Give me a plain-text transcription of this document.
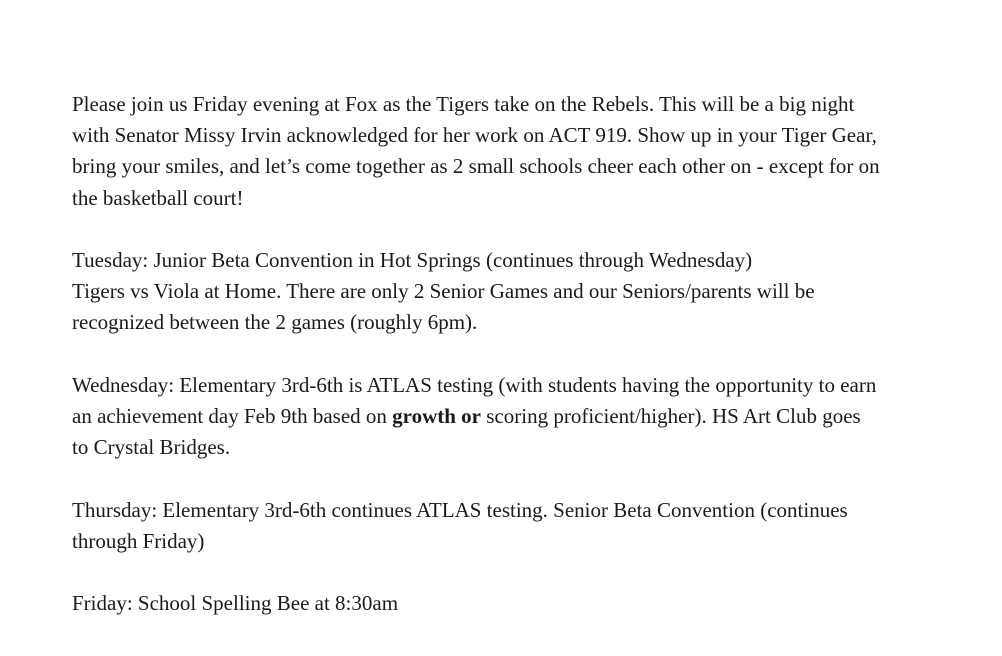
Please join us Friday evening at Fox as the Tigers take on the Rebels. This will be a big night
with Senator Missy Irvin acknowledged for her work on ACT 919. Show up in your Tiger Gear,
bring your smiles, and let’s come together as 2 small schools cheer each other on - except for on
the basketball court!

Tuesday: Junior Beta Convention in Hot Springs (continues through Wednesday)
Tigers vs Viola at Home. There are only 2 Senior Games and our Seniors/parents will be
recognized between the 2 games (roughly 6pm).

Wednesday: Elementary 3rd-6th is ATLAS testing (with students having the opportunity to earn
an achievement day Feb 9th based on growth or scoring proficient/higher). HS Art Club goes
to Crystal Bridges.

Thursday: Elementary 3rd-6th continues ATLAS testing. Senior Beta Convention (continues
through Friday)

Friday: School Spelling Bee at 8:30am
